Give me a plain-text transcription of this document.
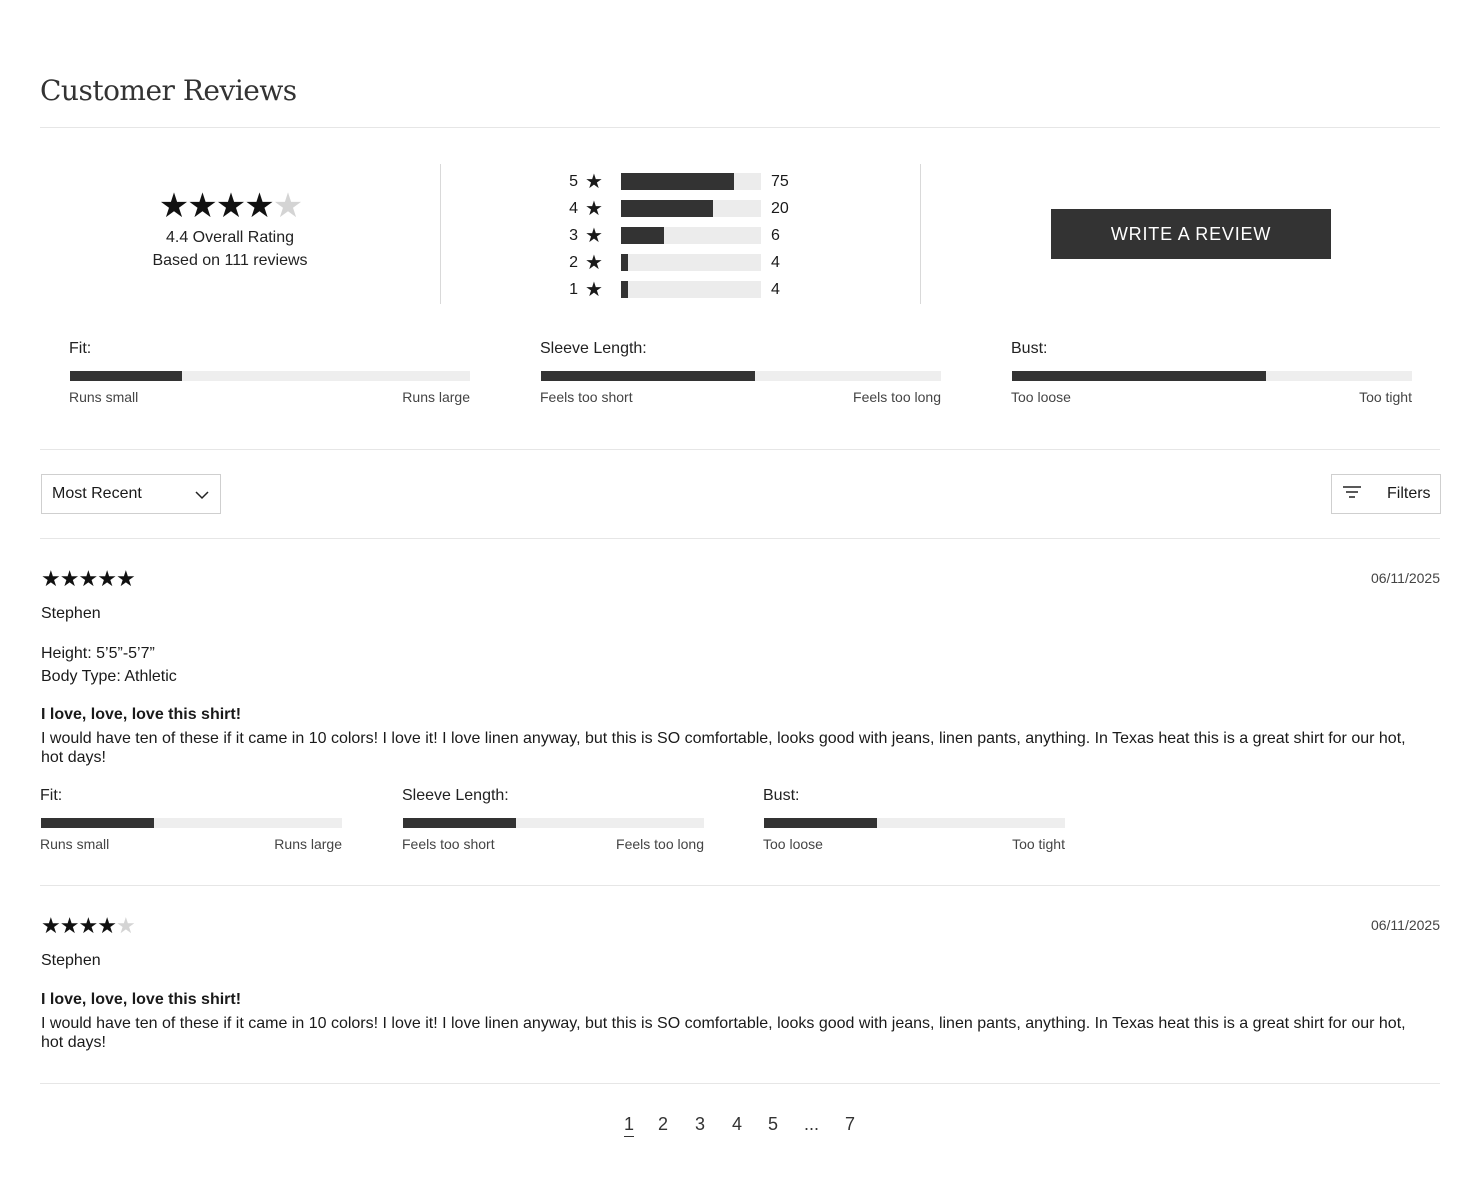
Customer Reviews
★ ★ ★ ★ ★
4.4 Overall Rating
Based on 111 reviews
5 ★	75
4 ★	20
3 ★	6
2 ★	4
1 ★	4
WRITE A REVIEW
Fit:
Runs small	Runs large
Sleeve Length:
Feels too short	Feels too long
Bust:
Too loose	Too tight
Most Recent	Filters
★ ★ ★ ★ ★	06/11/2025
Stephen
Height: 5’5”-5’7”
Body Type: Athletic
I love, love, love this shirt!
I would have ten of these if it came in 10 colors! I love it! I love linen anyway, but this is SO comfortable, looks good with jeans, linen pants, anything. In Texas heat this is a great shirt for our hot, hot days!
Fit:
Runs small	Runs large
Sleeve Length:
Feels too short	Feels too long
Bust:
Too loose	Too tight
★ ★ ★ ★ ★	06/11/2025
Stephen
I love, love, love this shirt!
I would have ten of these if it came in 10 colors! I love it! I love linen anyway, but this is SO comfortable, looks good with jeans, linen pants, anything. In Texas heat this is a great shirt for our hot, hot days!
1 2 3 4 5 ... 7
